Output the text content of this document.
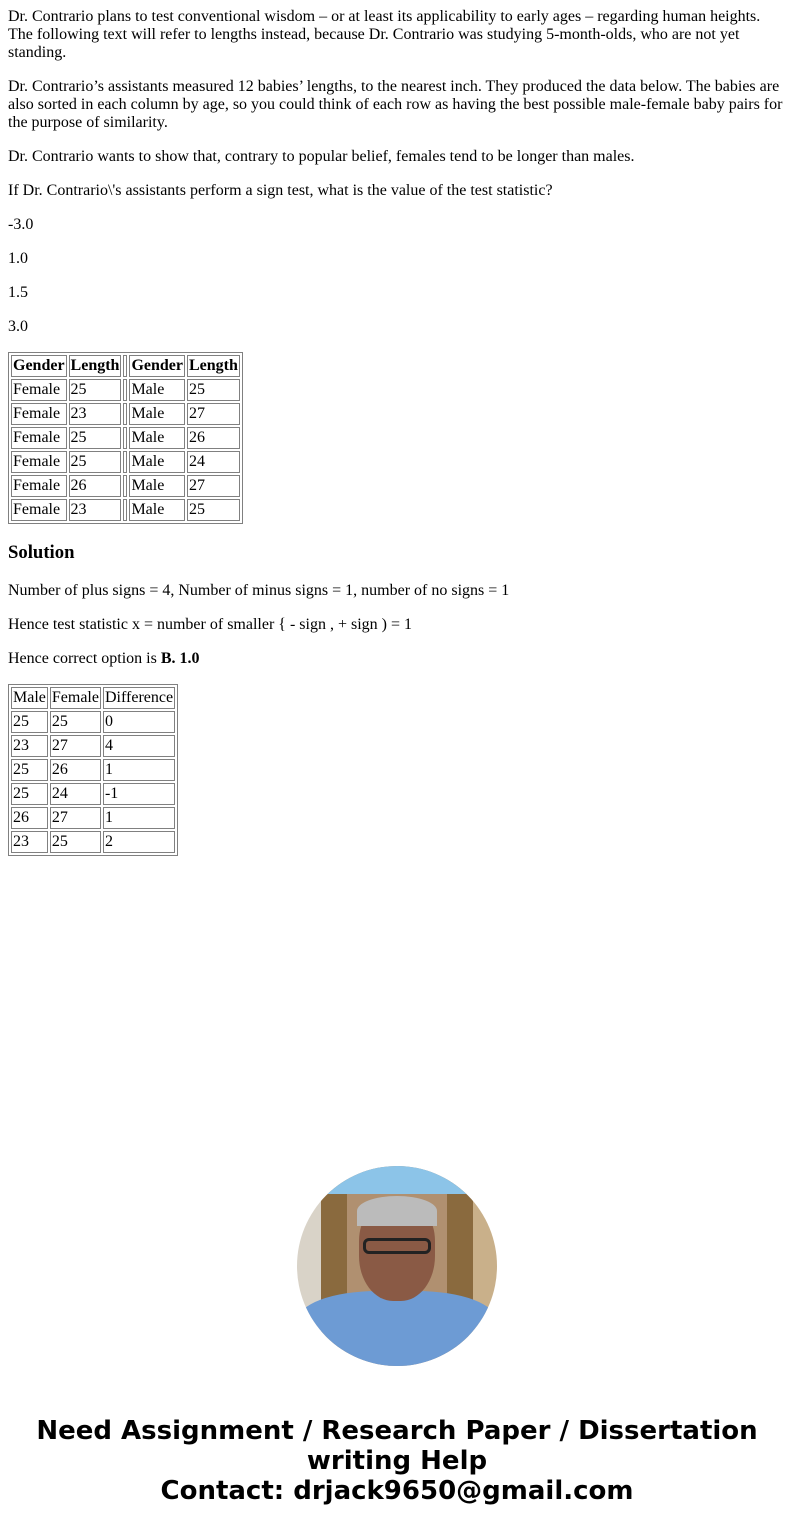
Dr. Contrario plans to test conventional wisdom – or at least its applicability to early ages – regarding human heights. The following text will refer to lengths instead, because Dr. Contrario was studying 5-month-olds, who are not yet standing.

Dr. Contrario’s assistants measured 12 babies’ lengths, to the nearest inch. They produced the data below. The babies are also sorted in each column by age, so you could think of each row as having the best possible male-female baby pairs for the purpose of similarity.

Dr. Contrario wants to show that, contrary to popular belief, females tend to be longer than males.

If Dr. Contrario\'s assistants perform a sign test, what is the value of the test statistic?

-3.0

1.0

1.5

3.0

Gender	Length		Gender	Length
Female	25		Male	25
Female	23		Male	27
Female	25		Male	26
Female	25		Male	24
Female	26		Male	27
Female	23		Male	25
Solution

Number of plus signs = 4, Number of minus signs = 1, number of no signs = 1

Hence test statistic x = number of smaller { - sign , + sign ) = 1

Hence correct option is B. 1.0

Male	Female	Difference
25	25	0
23	27	4
25	26	1
25	24	-1
26	27	1
23	25	2
Need Assignment / Research Paper / Dissertation writing Help
Contact: drjack9650@gmail.com
